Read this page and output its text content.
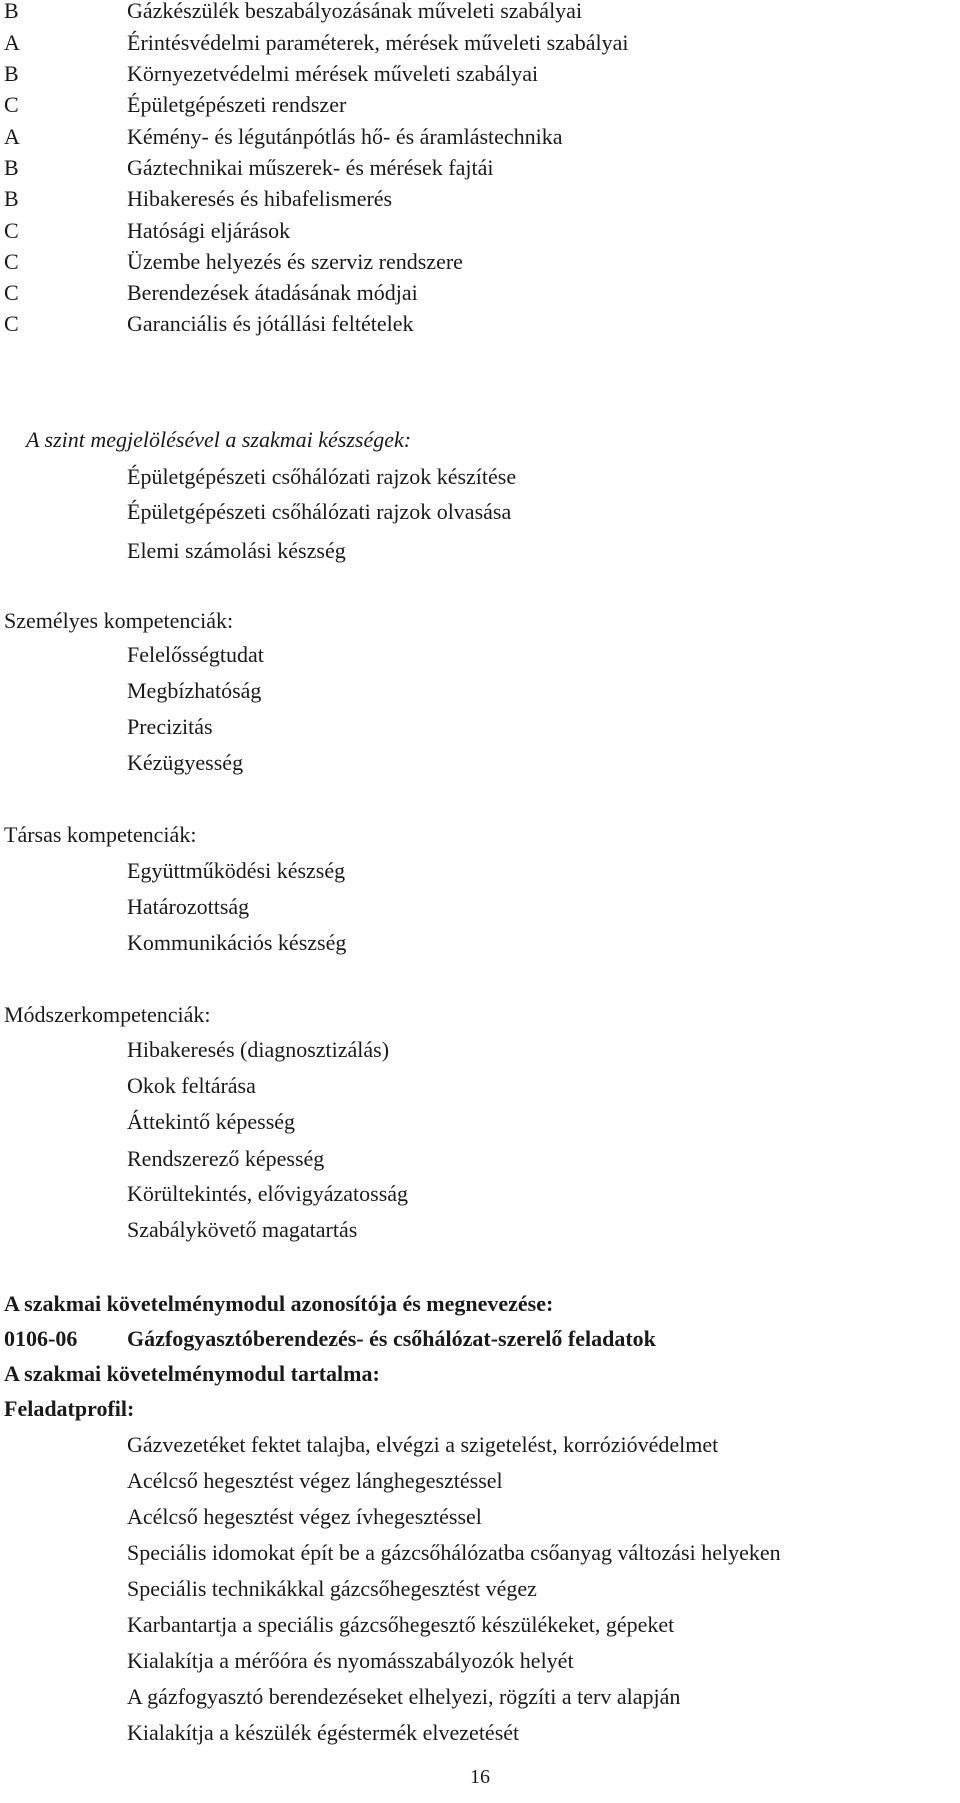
B	Gázkészülék beszabályozásának műveleti szabályai
A	Érintésvédelmi paraméterek, mérések műveleti szabályai
B	Környezetvédelmi mérések műveleti szabályai
C	Épületgépészeti rendszer
A	Kémény- és légutánpótlás hő- és áramlástechnika
B	Gáztechnikai műszerek- és mérések fajtái
B	Hibakeresés és hibafelismerés
C	Hatósági eljárások
C	Üzembe helyezés és szerviz rendszere
C	Berendezések átadásának módjai
C	Garanciális és jótállási feltételek
A szint megjelölésével a szakmai készségek:
Épületgépészeti csőhálózati rajzok készítése
Épületgépészeti csőhálózati rajzok olvasása
Elemi számolási készség
Személyes kompetenciák:
Felelősségtudat
Megbízhatóság
Precizitás
Kézügyesség
Társas kompetenciák:
Együttműködési készség
Határozottság
Kommunikációs készség
Módszerkompetenciák:
Hibakeresés (diagnosztizálás)
Okok feltárása
Áttekintő képesség
Rendszerező képesség
Körültekintés, elővigyázatosság
Szabálykövető magatartás
A szakmai követelménymodul azonosítója és megnevezése:
0106-06 Gázfogyasztóberendezés- és csőhálózat-szerelő feladatok
A szakmai követelménymodul tartalma:
Feladatprofil:
Gázvezetéket fektet talajba, elvégzi a szigetelést, korrózióvédelmet
Acélcső hegesztést végez lánghegesztéssel
Acélcső hegesztést végez ívhegesztéssel
Speciális idomokat épít be a gázcsőhálózatba csőanyag változási helyeken
Speciális technikákkal gázcsőhegesztést végez
Karbantartja a speciális gázcsőhegesztő készülékeket, gépeket
Kialakítja a mérőóra és nyomásszabályozók helyét
A gázfogyasztó berendezéseket elhelyezi, rögzíti a terv alapján
Kialakítja a készülék égéstermék elvezetését
16
